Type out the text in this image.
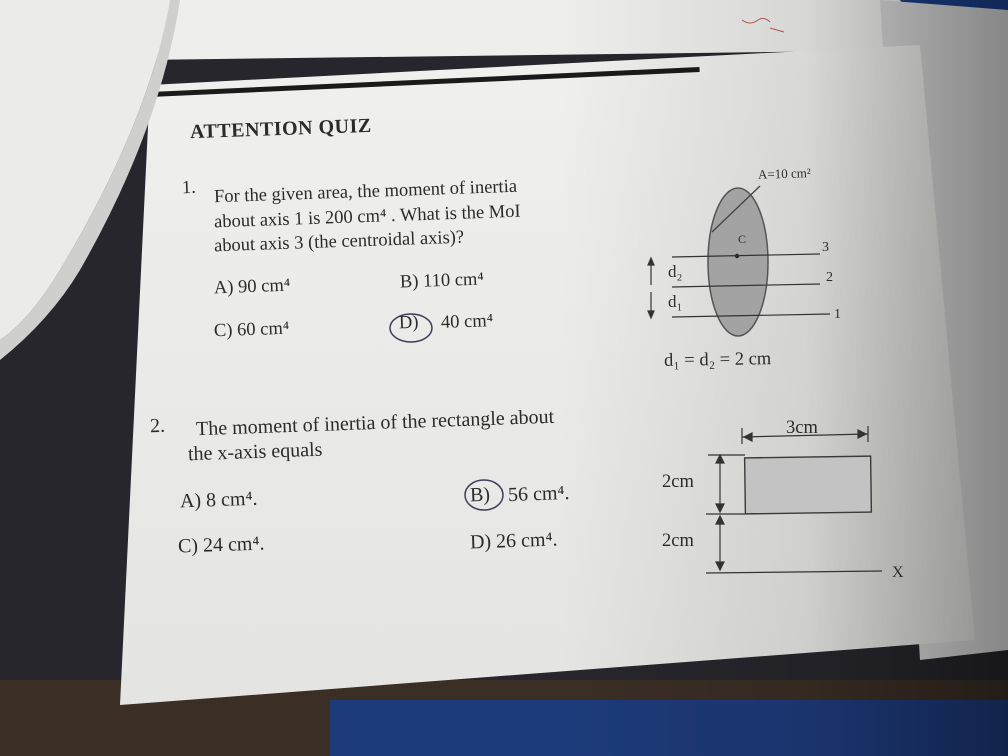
ATTENTION QUIZ
1. For the given area, the moment of inertia
about axis 1 is 200 cm⁴ . What is the MoI
about axis 3 (the centroidal axis)?
A) 90 cm⁴	B) 110 cm⁴
C) 60 cm⁴	D) 40 cm⁴
A=10 cm²
C
3
2
1
d₂
d₁
d₁ = d₂ = 2 cm
2. The moment of inertia of the rectangle about
the x-axis equals
A) 8 cm⁴.	B) 56 cm⁴.
C) 24 cm⁴.	D) 26 cm⁴.
3cm
2cm
2cm
X
